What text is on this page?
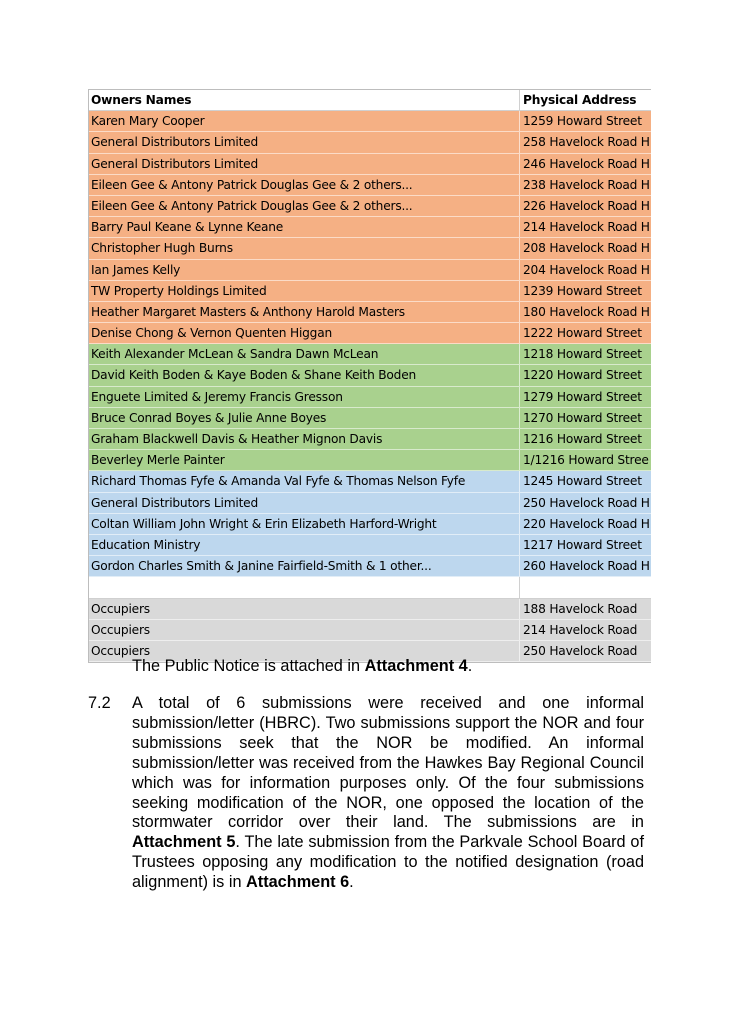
Owners Names	Physical Address
Karen Mary Cooper	1259 Howard Street
General Distributors Limited	258 Havelock Road H
General Distributors Limited	246 Havelock Road H
Eileen Gee & Antony Patrick Douglas Gee & 2 others...	238 Havelock Road H
Eileen Gee & Antony Patrick Douglas Gee & 2 others...	226 Havelock Road H
Barry Paul Keane & Lynne Keane	214 Havelock Road H
Christopher Hugh Burns	208 Havelock Road H
Ian James Kelly	204 Havelock Road H
TW Property Holdings Limited	1239 Howard Street
Heather Margaret Masters & Anthony Harold Masters	180 Havelock Road H
Denise Chong & Vernon Quenten Higgan	1222 Howard Street
Keith Alexander McLean & Sandra Dawn McLean	1218 Howard Street
David Keith Boden & Kaye Boden & Shane Keith Boden	1220 Howard Street
Enguete Limited & Jeremy Francis Gresson	1279 Howard Street
Bruce Conrad Boyes & Julie Anne Boyes	1270 Howard Street
Graham Blackwell Davis & Heather Mignon Davis	1216 Howard Street
Beverley Merle Painter	1/1216 Howard Stree
Richard Thomas Fyfe & Amanda Val Fyfe & Thomas Nelson Fyfe	1245 Howard Street
General Distributors Limited	250 Havelock Road H
Coltan William John Wright & Erin Elizabeth Harford-Wright	220 Havelock Road H
Education Ministry	1217 Howard Street
Gordon Charles Smith & Janine Fairfield-Smith & 1 other...	260 Havelock Road H
Occupiers	188 Havelock Road
Occupiers	214 Havelock Road
Occupiers	250 Havelock Road
The Public Notice is attached in Attachment 4.
7.2 A total of 6 submissions were received and one informal submission/letter (HBRC). Two submissions support the NOR and four submissions seek that the NOR be modified. An informal submission/letter was received from the Hawkes Bay Regional Council which was for information purposes only. Of the four submissions seeking modification of the NOR, one opposed the location of the stormwater corridor over their land. The submissions are in Attachment 5. The late submission from the Parkvale School Board of Trustees opposing any modification to the notified designation (road alignment) is in Attachment 6.
